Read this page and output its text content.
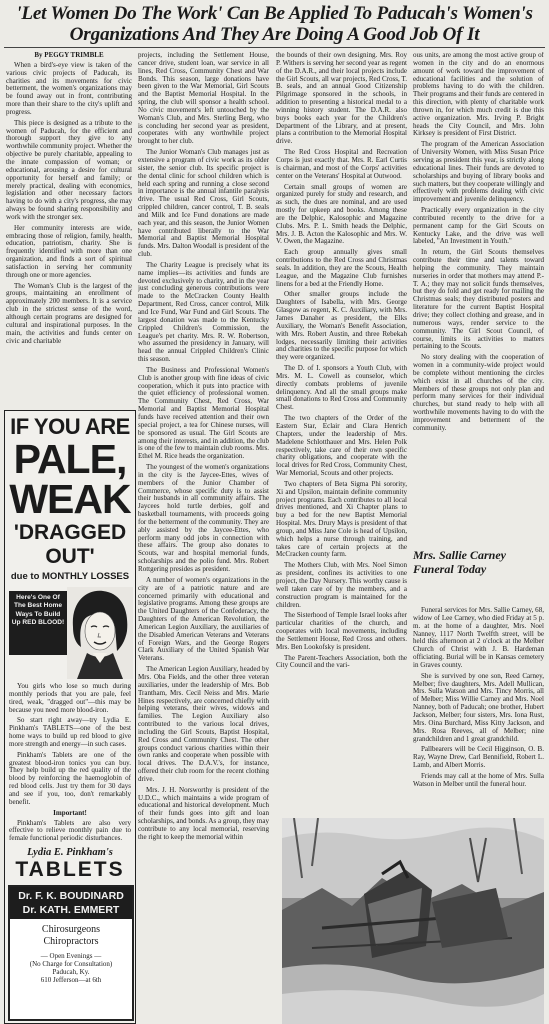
'Let Women Do The Work' Can Be Applied To Paducah's Women's Organizations And They Are Doing A Good Job Of It
By PEGGY TRIMBLE

When a bird's-eye view is taken of the various civic projects of Paducah, its charities and its movements for civic betterment, the women's organizations may be found away out in front, contributing more than their share to the city's uplift and progress.

This piece is designed as a tribute to the women of Paducah, for the efficient and thorough support they give to any worthwhile community project. Whether the objective be purely charitable, appealing to the innate compassion of woman; or educational, arousing a desire for cultural opportunity for herself and family; or merely practical, dealing with economics, legislation and other necessary factors having to do with a city's progress, she may always be found sharing responsibility and work with the stronger sex.

Her community interests are wide, embracing those of religion, family, health, education, patriotism, charity. She is frequently identified with more than one organization, and finds a sort of spiritual satisfaction in serving her community through one or more agencies.

The Woman's Club is the largest of the groups, maintaining an enrollment of approximately 200 members. It is a service club in the strictest sense of the word, although certain programs are designed for cultural and inspirational purposes. In the main, the activities and funds center on civic and charitable

IF YOU ARE
PALE, WEAK
'DRAGGED OUT'
due to MONTHLY LOSSES
Here's One Of The Best Home Ways To Build Up RED BLOOD!

You girls who lose so much during monthly periods that you are pale, feel tired, weak, "dragged out"—this may be because you need more blood-iron.

So start right away—try Lydia E. Pinkham's TABLETS—one of the best home ways to build up red blood to give more strength and energy—in such cases.

Pinkham's Tablets are one of the greatest blood-iron tonics you can buy. They help build up the red quality of the blood by reinforcing the haemoglobin of red blood cells. Just try them for 30 days and see if you, too, don't remarkably benefit.

Important!

Pinkham's Tablets are also very effective to relieve monthly pain due to female functional periodic disturbances.

Lydia E. Pinkham's
TABLETS
Dr. F. K. BOUDINARD
Dr. KATH. EMMERT
Chirosurgeons
Chiropractors
— Open Evenings —
(No Charge for Consultation)
Paducah, Ky.
610 Jefferson—at 6th

projects, including the Settlement House, cancer drive, student loan, war service in all lines, Red Cross, Community Chest and War Bonds. This season, large donations have been given to the War Memorial, Girl Scouts and the Baptist Memorial Hospital. In the spring, the club will sponsor a health school. No civic movement's left untouched by the Woman's Club, and Mrs. Sterling Berg, who is concluding her second year as president, cooperates with any worthwhile project brought to her club.

The Junior Woman's Club manages just as extensive a program of civic work as its older sister, the senior club. Its specific project is the dental clinic for school children which is held each spring and running a close second in importance is the annual infantile paralysis drive. The usual Red Cross, Girl Scouts, crippled children, cancer control, T. B. seals and Milk and Ice Fund donations are made each year, and this season, the Junior Women have contributed liberally to the War Memorial and Baptist Memorial Hospital funds. Mrs. Dalton Woodall is president of the club.

The Charity League is precisely what its name implies—its activities and funds are devoted exclusively to charity, and in the year just concluding generous contributions were made to the McCracken County Health Department, Red Cross, cancer control, Milk and Ice Fund, War Fund and Girl Scouts. The largest donation was made to the Kentucky Crippled Children's Commission, the League's pet charity. Mrs. R. W. Robertson, who assumed the presidency in January, will head the annual Crippled Children's Clinic this season.

The Business and Professional Women's Club is another group with fine ideas of civic cooperation, which it puts into practice with the quiet efficiency of professional women. The Community Chest, Red Cross, War Memorial and Baptist Memorial Hospital funds have received attention and their own special project, a tea for Chinese nurses, will be sponsored as usual. The Girl Scouts are among their interests, and in addition, the club is one of the few to maintain club rooms. Mrs. Ethel M. Rice heads the organization.

The youngest of the women's organizations in the city is the Jaycee-Ettes, wives of members of the Junior Chamber of Commerce, whose specific duty is to assist their husbands in all community affairs. The Jaycees hold turtle derbies, golf and basketball tournaments, with proceeds going for the betterment of the community. They are ably assisted by the Jaycee-Ettes, who perform many odd jobs in connection with these affairs. The group also donates to Scouts, war and hospital memorial funds, scholarships and the polio fund. Mrs. Robert Rottgering presides as president.

A number of women's organizations in the city are of a patriotic nature and are concerned primarily with educational and legislative programs. Among these groups are the United Daughters of the Confederacy, the Daughters of the American Revolution, the American Legion Auxiliary, the auxiliaries of the Disabled American Veterans and Veterans of Foreign Wars, and the George Rogers Clark Auxiliary of the United Spanish War Veterans.

The American Legion Auxiliary, headed by Mrs. Oba Fields, and the other three veteran auxiliaries, under the leadership of Mrs. Bob Trantham, Mrs. Cecil Neiss and Mrs. Marie Hines respectively, are concerned chiefly with helping veterans, their wives, widows and families. The Legion Auxiliary also contributed to the various local drives, including the Girl Scouts, Baptist Hospital, Red Cross and Community Chest. The other groups conduct various charities within their own ranks and cooperate when possible with local drives. The D.A.V.'s, for instance, offered their club room for the recent clothing drive.

Mrs. J. H. Norsworthy is president of the U.D.C., which maintains a wide program of educational and historical development. Much of their funds goes into gift and loan scholarships, and bonds. As a group, they may contribute to any local memorial, reserving the right to keep the memorial within

the bounds of their own designing. Mrs. Roy P. Withers is serving her second year as regent of the D.A.R., and their local projects include the Girl Scouts, all war projects, Red Cross, T. B. seals, and an annual Good Citizenship Pilgrimage sponsored in the schools, in addition to presenting a historical medal to a winning history student. The D.A.R. also buys books each year for the Children's Department of the Library, and at present, plans a contribution to the Memorial Hospital drive.

The Red Cross Hospital and Recreation Corps is just exactly that. Mrs. R. Earl Curtis is chairman, and most of the Corps' activities center on the Veterans' Hospital at Outwood.

Certain small groups of women are organized purely for study and research, and as such, the dues are nominal, and are used mostly for upkeep and books. Among these are the Delphic, Kalosophic and Magazine Clubs. Mrs. P. L. Smith heads the Delphic, Mrs. J. B. Acton the Kalosophic and Mrs. W. V. Owen, the Magazine.

Each group annually gives small contributions to the Red Cross and Christmas seals. In addition, they are the Scouts, Health League, and the Magazine Club furnishes linens for a bed at the Friendly Home.

Other smaller groups include the Daughters of Isabella, with Mrs. George Glasgow as regent, K. C. Auxiliary, with Mrs. James Danaher as president, the Elks Auxiliary, the Woman's Benefit Association, with Mrs. Robert Austin, and three Rebekah lodges, necessarily limiting their activities and charities to the specific purpose for which they were organized.

The D. of I. sponsors a Youth Club, with Mrs. M. L. Cowell as counselor, which directly combats problems of juvenile delinquency. And all the small groups make small donations to Red Cross and Community Chest.

The two chapters of the Order of the Eastern Star, Eclair and Clara Henrich Chapters, under the leadership of Mrs. Madelene Schlotthauer and Mrs. Helen Polk respectively, take care of their own specific charity obligations, and cooperate with the local drives for Red Cross, Community Chest, War Memorial, Scouts and other projects.

Two chapters of Beta Sigma Phi sorority, Xi and Upsilon, maintain definite community project programs. Each contributes to all local drives mentioned, and Xi Chapter plans to buy a bed for the new Baptist Memorial Hospital. Mrs. Drury Mays is president of that group, and Miss Jane Cole is head of Upsilon, which helps a nurse through training, and takes care of certain projects at the McCracken county farm.

The Mothers Club, with Mrs. Noel Simon as president, confines its activities to one project, the Day Nursery. This worthy cause is well taken care of by the members, and a construction program is maintained for the children.

The Sisterhood of Temple Israel looks after particular charities of the church, and cooperates with local movements, including the Settlement House, Red Cross and others. Mrs. Ben Lookofsky is president.

The Parent-Teachers Association, both the City Council and the vari-

ous units, are among the most active group of women in the city and do an enormous amount of work toward the improvement of educational facilities and the solution of problems having to do with the children. Their programs and their funds are centered in this direction, with plenty of charitable work thrown in, for which much credit is due this active organization. Mrs. Irving P. Bright heads the City Council, and Mrs. John Kirksey is president of First District.

The program of the American Association of University Women, with Miss Susan Price serving as president this year, is strictly along educational lines. Their funds are devoted to scholarships and buying of library books and such matters, but they cooperate willingly and effectively with problems dealing with civic improvement and juvenile delinquency.

Practically every organization in the city contributed recently to the drive for a permanent camp for the Girl Scouts on Kentucky Lake, and the drive was well labeled, "An Investment in Youth."

In return, the Girl Scouts themselves contribute their time and talents toward helping the community. They maintain nurseries in order that mothers may attend P.-T. A.; they may not solicit funds themselves, but they do fold and get ready for mailing the Christmas seals; they distributed posters and literature for the current Baptist Hospital drive; they collect clothing and grease, and in numerous ways, render service to the community. The Girl Scout Council, of course, limits its activities to matters pertaining to the Scouts.

No story dealing with the cooperation of women in a community-wide project would be complete without mentioning the circles which exist in all churches of the city. Members of these groups not only plan and perform many services for their individual churches, but stand ready to help with all worthwhile movements having to do with the improvement and betterment of the community.

Mrs. Sallie Carney Funeral Today

Funeral services for Mrs. Sallie Carney, 68, widow of Lee Carney, who died Friday at 5 p. m. at the home of a daughter, Mrs. Noel Nanney, 1117 North Twelfth street, will be held this afternoon at 2 o'clock at the Melber Church of Christ with J. B. Hardeman officiating. Burial will be in Kansas cemetery in Graves county.

She is survived by one son, Reed Carney, Melber; five daughters, Mrs. Adell Mullican, Mrs. Sulla Watson and Mrs. Tincy Morris, all of Melber; Miss Willie Carney and Mrs. Noel Nanney, both of Paducah; one brother, Hubert Jackson, Melber; four sisters, Mrs. Iona Rust, Mrs. Oina Burchard, Miss Kitty Jackson, and Mrs. Rosa Reeves, all of Melber; nine grandchildren and 1 great grandchild.

Pallbearers will be Cecil Higginson, O. B. Ray, Wayne Drew, Carl Bennifield, Robert L. Lamb, and Albert Morris.

Friends may call at the home of Mrs. Sulla Watson in Melber until the funeral hour.
